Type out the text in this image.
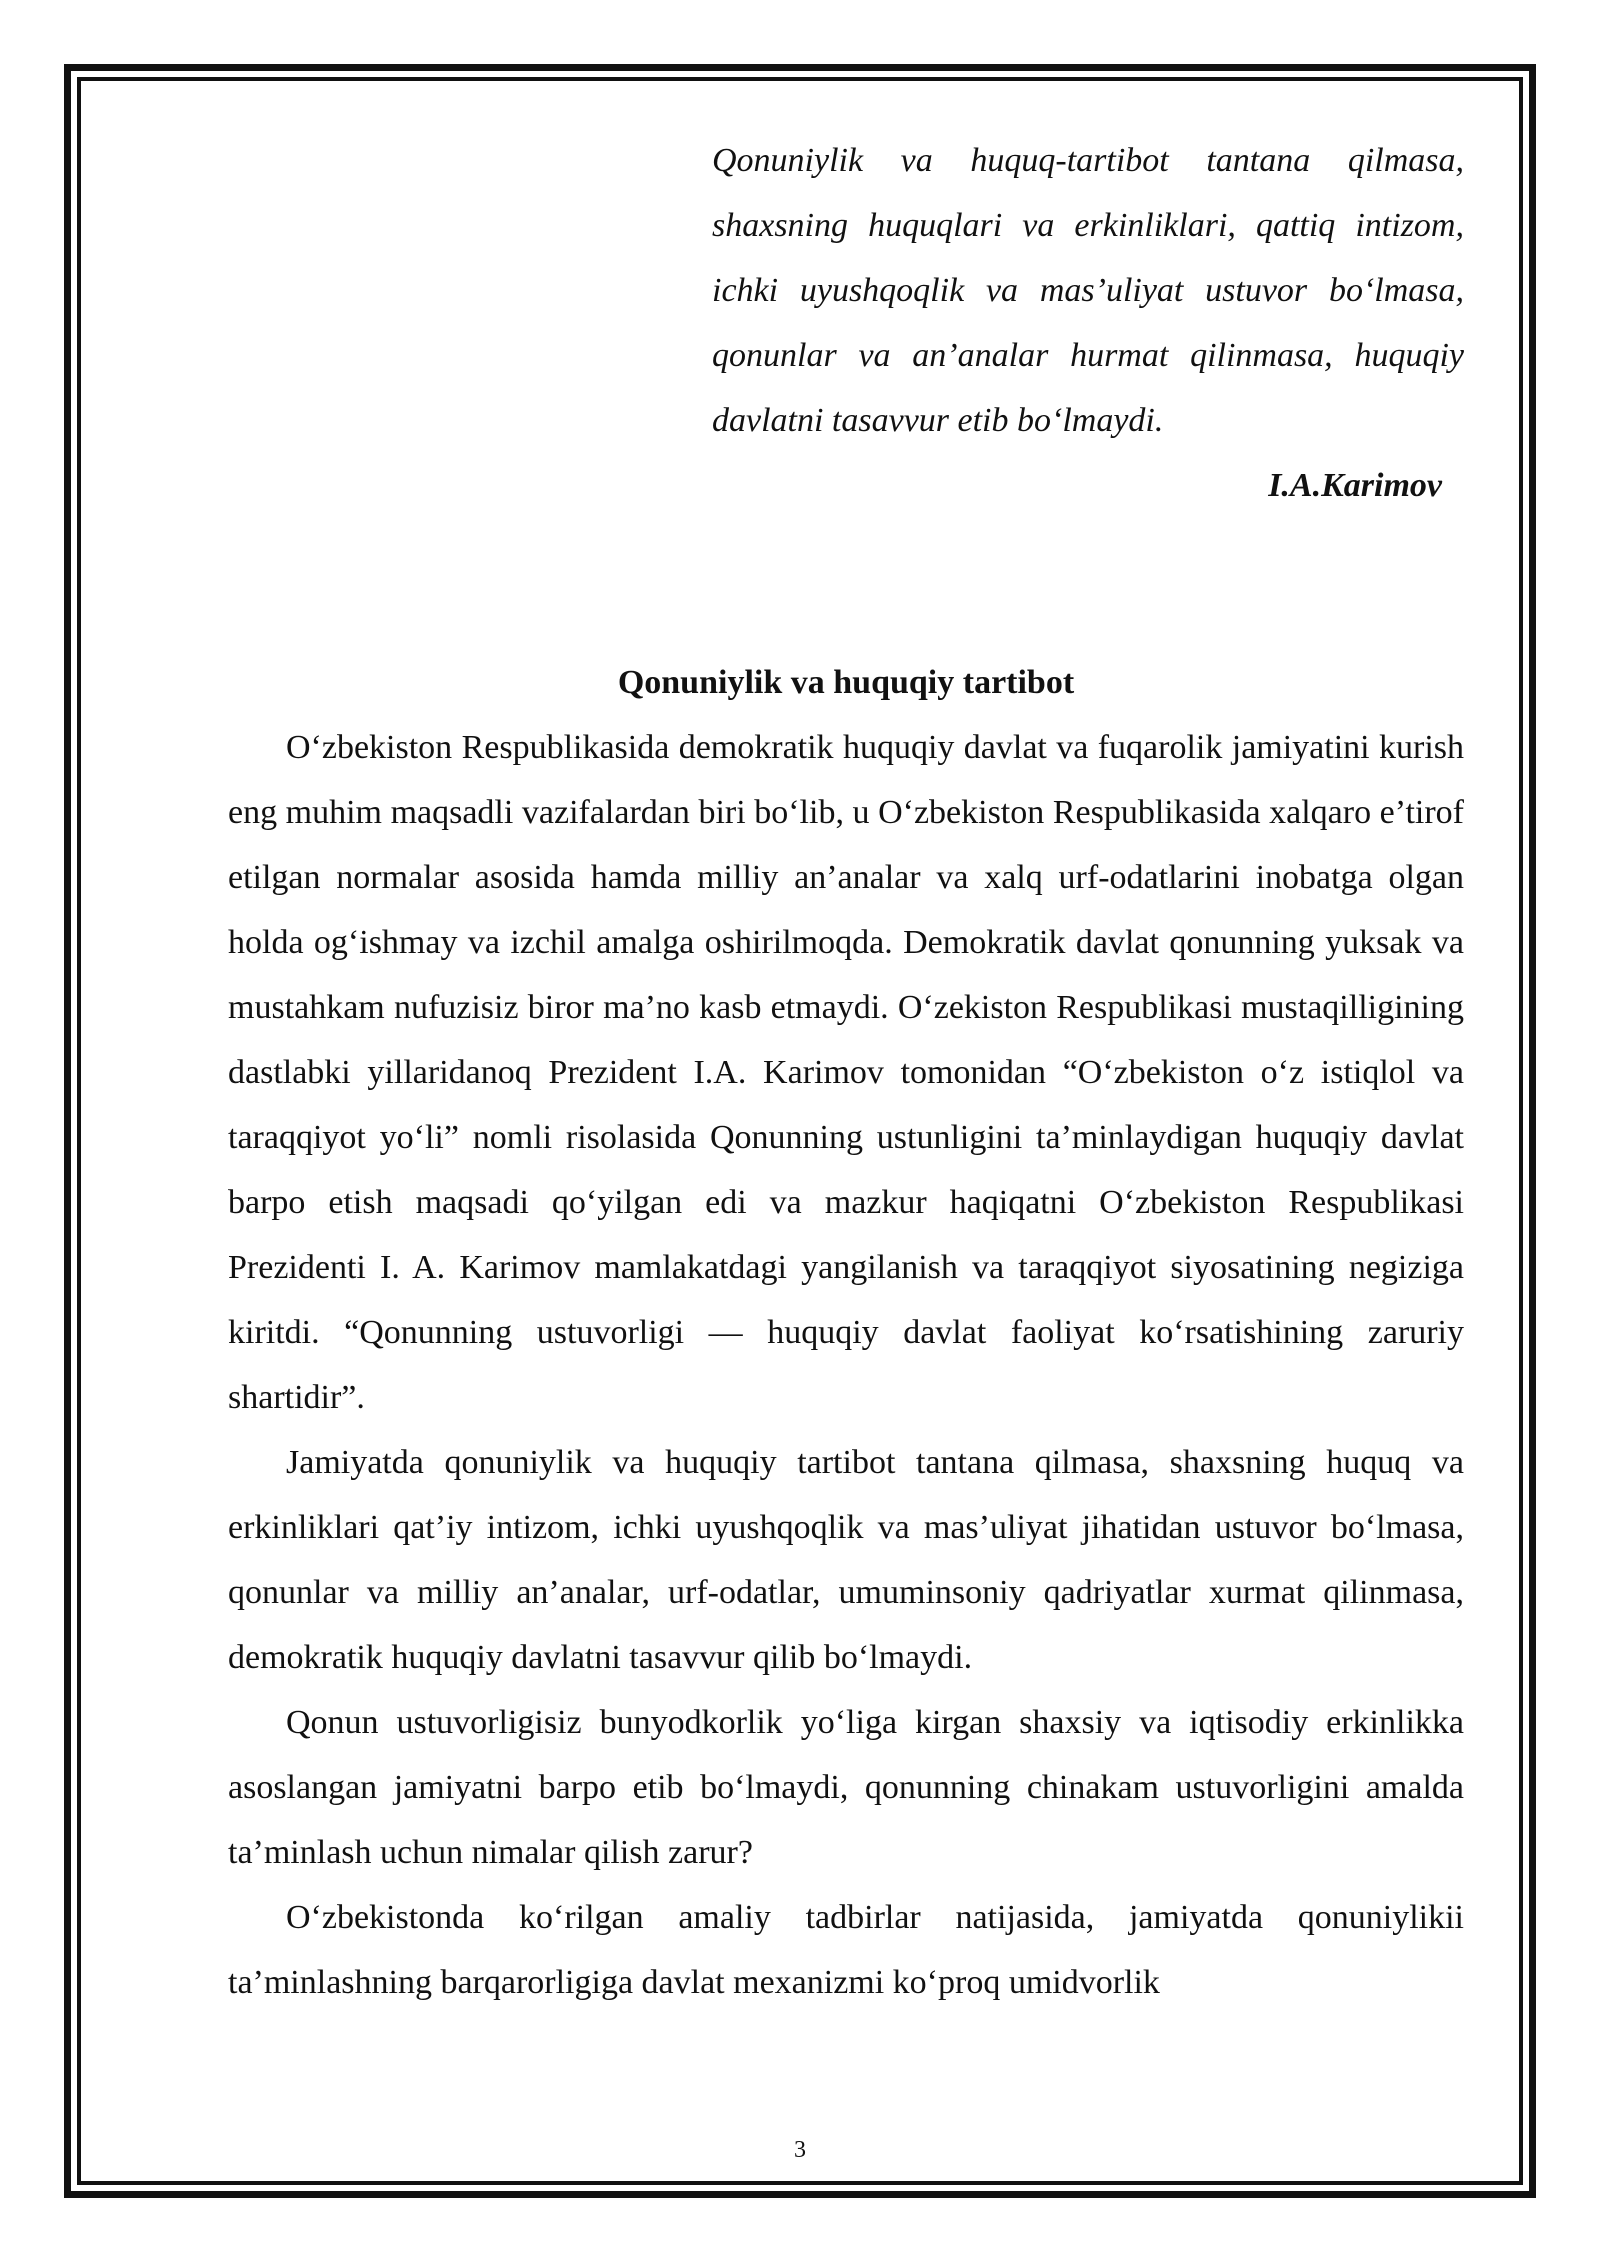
Qonuniylik va huquq-tartibot tantana qilmasa, shaxsning huquqlari va erkinliklari, qattiq intizom, ichki uyushqoqlik va mas’uliyat ustuvor bo‘lmasa, qonunlar va an’analar hurmat qilinmasa, huquqiy davlatni tasavvur etib bo‘lmaydi.

I.A.Karimov

Qonuniylik va huquqiy tartibot

O‘zbekiston Respublikasida demokratik huquqiy davlat va fuqarolik jamiyatini kurish eng muhim maqsadli vazifalardan biri bo‘lib, u O‘zbekiston Respublikasida xalqaro e’tirof etilgan normalar asosida hamda milliy an’analar va xalq urf-odatlarini inobatga olgan holda og‘ishmay va izchil amalga oshirilmoqda. Demokratik davlat qonunning yuksak va mustahkam nufuzisiz biror ma’no kasb etmaydi. O‘zekiston Respublikasi mustaqilligining dastlabki yillaridanoq Prezident I.A. Karimov tomonidan “O‘zbekiston o‘z istiqlol va taraqqiyot yo‘li” nomli risolasida Qonunning ustunligini ta’minlaydigan huquqiy davlat barpo etish maqsadi qo‘yilgan edi va mazkur haqiqatni O‘zbekiston Respublikasi Prezidenti I. A. Karimov mamlakatdagi yangilanish va taraqqiyot siyosatining negiziga kiritdi. “Qonunning ustuvorligi — huquqiy davlat faoliyat ko‘rsatishining zaruriy shartidir”.

Jamiyatda qonuniylik va huquqiy tartibot tantana qilmasa, shaxsning huquq va erkinliklari qat’iy intizom, ichki uyushqoqlik va mas’uliyat jihatidan ustuvor bo‘lmasa, qonunlar va milliy an’analar, urf-odatlar, umuminsoniy qadriyatlar xurmat qilinmasa, demokratik huquqiy davlatni tasavvur qilib bo‘lmaydi.

Qonun ustuvorligisiz bunyodkorlik yo‘liga kirgan shaxsiy va iqtisodiy erkinlikka asoslangan jamiyatni barpo etib bo‘lmaydi, qonunning chinakam ustuvorligini amalda ta’minlash uchun nimalar qilish zarur?

O‘zbekistonda ko‘rilgan amaliy tadbirlar natijasida, jamiyatda qonuniylikii ta’minlashning barqarorligiga davlat mexanizmi ko‘proq umidvorlik

3
